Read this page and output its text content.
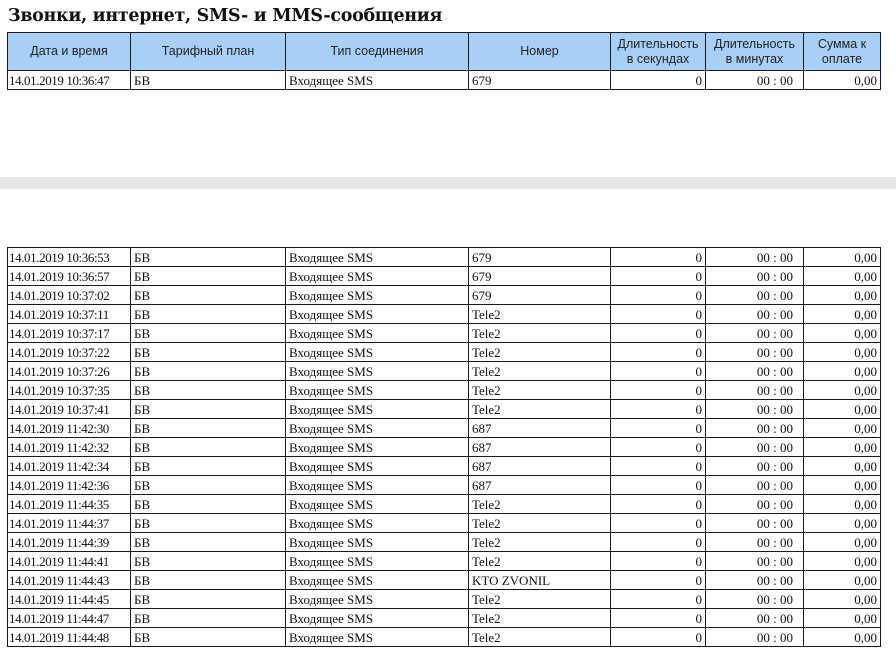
Звонки, интернет, SMS- и MMS-сообщения
Дата и время	Тарифный план	Тип соединения	Номер	Длительность в секундах	Длительность в минутах	Сумма к оплате
14.01.2019 10:36:47	БВ	Входящее SMS	679	0	00 : 00	0,00
14.01.2019 10:36:53	БВ	Входящее SMS	679	0	00 : 00	0,00
14.01.2019 10:36:57	БВ	Входящее SMS	679	0	00 : 00	0,00
14.01.2019 10:37:02	БВ	Входящее SMS	679	0	00 : 00	0,00
14.01.2019 10:37:11	БВ	Входящее SMS	Tele2	0	00 : 00	0,00
14.01.2019 10:37:17	БВ	Входящее SMS	Tele2	0	00 : 00	0,00
14.01.2019 10:37:22	БВ	Входящее SMS	Tele2	0	00 : 00	0,00
14.01.2019 10:37:26	БВ	Входящее SMS	Tele2	0	00 : 00	0,00
14.01.2019 10:37:35	БВ	Входящее SMS	Tele2	0	00 : 00	0,00
14.01.2019 10:37:41	БВ	Входящее SMS	Tele2	0	00 : 00	0,00
14.01.2019 11:42:30	БВ	Входящее SMS	687	0	00 : 00	0,00
14.01.2019 11:42:32	БВ	Входящее SMS	687	0	00 : 00	0,00
14.01.2019 11:42:34	БВ	Входящее SMS	687	0	00 : 00	0,00
14.01.2019 11:42:36	БВ	Входящее SMS	687	0	00 : 00	0,00
14.01.2019 11:44:35	БВ	Входящее SMS	Tele2	0	00 : 00	0,00
14.01.2019 11:44:37	БВ	Входящее SMS	Tele2	0	00 : 00	0,00
14.01.2019 11:44:39	БВ	Входящее SMS	Tele2	0	00 : 00	0,00
14.01.2019 11:44:41	БВ	Входящее SMS	Tele2	0	00 : 00	0,00
14.01.2019 11:44:43	БВ	Входящее SMS	KTO ZVONIL	0	00 : 00	0,00
14.01.2019 11:44:45	БВ	Входящее SMS	Tele2	0	00 : 00	0,00
14.01.2019 11:44:47	БВ	Входящее SMS	Tele2	0	00 : 00	0,00
14.01.2019 11:44:48	БВ	Входящее SMS	Tele2	0	00 : 00	0,00
